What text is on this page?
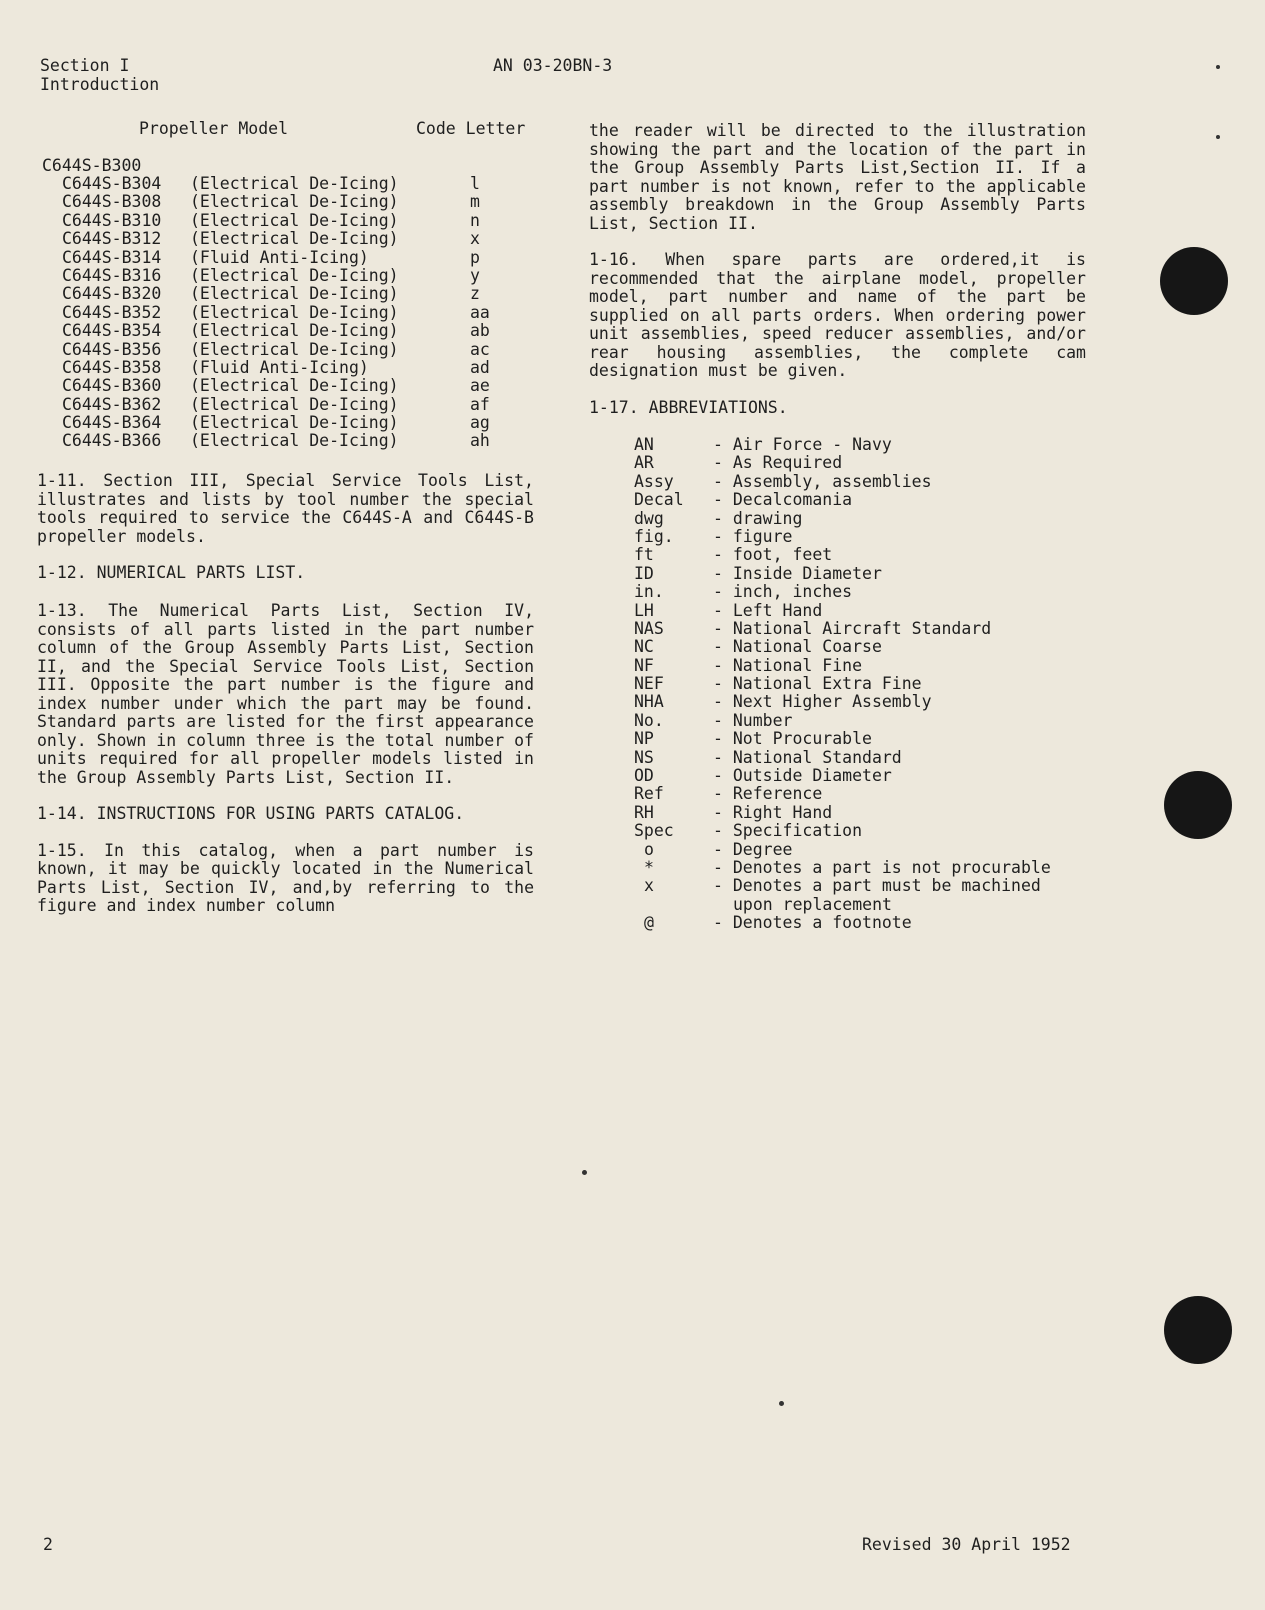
Section I
Introduction
AN 03-20BN-3
Propeller Model	Code Letter
C644S-B300
C644S-B304 (Electrical De-Icing)	l
C644S-B308 (Electrical De-Icing)	m
C644S-B310 (Electrical De-Icing)	n
C644S-B312 (Electrical De-Icing)	x
C644S-B314 (Fluid Anti-Icing)	p
C644S-B316 (Electrical De-Icing)	y
C644S-B320 (Electrical De-Icing)	z
C644S-B352 (Electrical De-Icing)	aa
C644S-B354 (Electrical De-Icing)	ab
C644S-B356 (Electrical De-Icing)	ac
C644S-B358 (Fluid Anti-Icing)	ad
C644S-B360 (Electrical De-Icing)	ae
C644S-B362 (Electrical De-Icing)	af
C644S-B364 (Electrical De-Icing)	ag
C644S-B366 (Electrical De-Icing)	ah

1-11. Section III, Special Service Tools List, illustrates and lists by tool number the special tools required to service the C644S-A and C644S-B propeller models.

1-12. NUMERICAL PARTS LIST.

1-13. The Numerical Parts List, Section IV, consists of all parts listed in the part number column of the Group Assembly Parts List, Section II, and the Special Service Tools List, Section III. Opposite the part number is the figure and index number under which the part may be found. Standard parts are listed for the first appearance only. Shown in column three is the total number of units required for all propeller models listed in the Group Assembly Parts List, Section II.

1-14. INSTRUCTIONS FOR USING PARTS CATALOG.

1-15. In this catalog, when a part number is known, it may be quickly located in the Numerical Parts List, Section IV, and,by referring to the figure and index number column

the reader will be directed to the illustration showing the part and the location of the part in the Group Assembly Parts List,Section II. If a part number is not known, refer to the applicable assembly breakdown in the Group Assembly Parts List, Section II.

1-16. When spare parts are ordered,it is recommended that the airplane model, propeller model, part number and name of the part be supplied on all parts orders. When ordering power unit assemblies, speed reducer assemblies, and/or rear housing assemblies, the complete cam designation must be given.

1-17. ABBREVIATIONS.

AN	- Air Force - Navy
AR	- As Required
Assy - Assembly, assemblies
Decal - Decalcomania
dwg	- drawing
fig. - figure
ft	- foot, feet
ID	- Inside Diameter
in.	- inch, inches
LH	- Left Hand
NAS	- National Aircraft Standard
NC	- National Coarse
NF	- National Fine
NEF	- National Extra Fine
NHA	- Next Higher Assembly
No.	- Number
NP	- Not Procurable
NS	- National Standard
OD	- Outside Diameter
Ref	- Reference
RH	- Right Hand
Spec - Specification
o	- Degree
*	- Denotes a part is not procurable
x	- Denotes a part must be machined
upon replacement
@	- Denotes a footnote
2	Revised 30 April 1952
